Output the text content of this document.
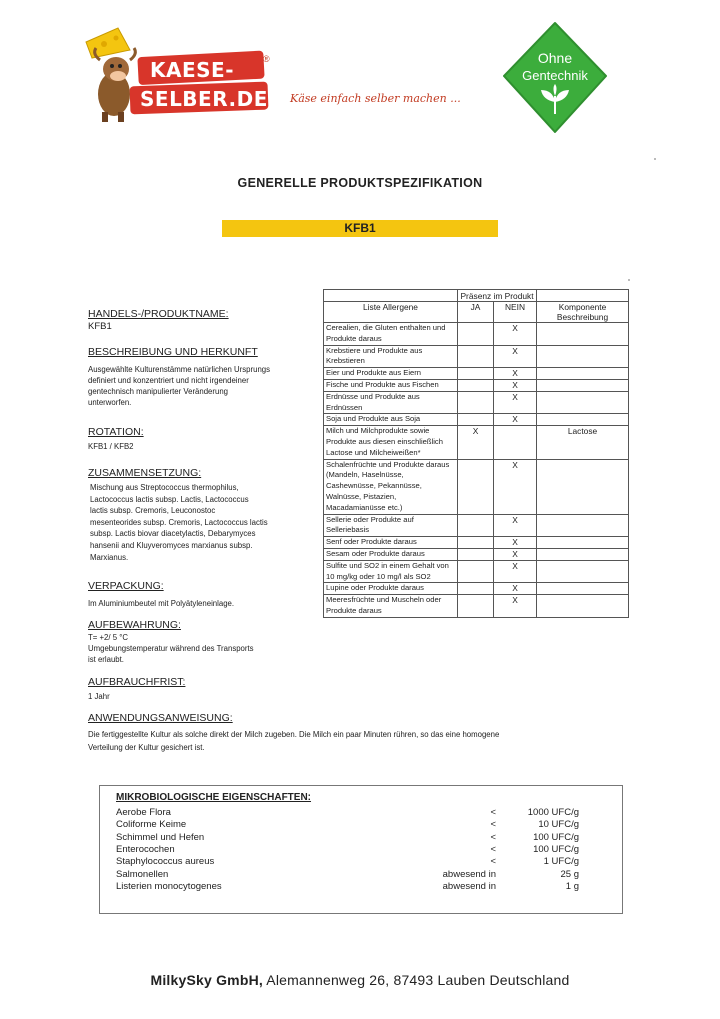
KAESE-
SELBER.DE
®
Käse einfach selber machen ...
Ohne
Gentechnik
GENERELLE PRODUKTSPEZIFIKATION
KFB1
HANDELS-/PRODUKTNAME:
KFB1
BESCHREIBUNG UND HERKUNFT
Ausgewählte Kulturenstämme natürlichen Ursprungs
definiert und konzentriert und nicht irgendeiner
gentechnisch manipulierter Veränderung
unterworfen.
ROTATION:
KFB1 / KFB2
ZUSAMMENSETZUNG:
Mischung aus Streptococcus thermophilus,
Lactococcus lactis subsp. Lactis, Lactococcus
lactis subsp. Cremoris, Leuconostoc
mesenteorides subsp. Cremoris, Lactococcus lactis
subsp. Lactis biovar diacetylactis, Debarymyces
hansenii and Kluyveromyces marxianus subsp.
Marxianus.
VERPACKUNG:
Im Aluminiumbeutel mit Polyätyleneinlage.
AUFBEWAHRUNG:
T= +2/ 5 °C
Umgebungstemperatur während des Transports
ist erlaubt.
AUFBRAUCHFRIST:
1 Jahr
ANWENDUNGSANWEISUNG:
Die fertiggestellte Kultur als solche direkt der Milch zugeben. Die Milch ein paar Minuten rühren, so das eine homogene
Verteilung der Kultur gesichert ist.
	Präsenz im Produkt		
Liste Allergene	JA	NEIN	Komponente Beschreibung
Cerealien, die Gluten enthalten und Produkte daraus		X	
Krebstiere und Produkte aus Krebstieren		X	
Eier und Produkte aus Eiern		X	
Fische und Produkte aus Fischen		X	
Erdnüsse und Produkte aus Erdnüssen		X	
Soja und Produkte aus Soja		X	
Milch und Milchprodukte sowie Produkte aus diesen einschließlich Lactose und Milcheiweißen*	X		Lactose
Schalenfrüchte und Produkte daraus (Mandeln, Haselnüsse, Cashewnüsse, Pekannüsse, Walnüsse, Pistazien, Macadamianüsse etc.)		X	
Sellerie oder Produkte auf Selleriebasis		X	
Senf oder Produkte daraus		X	
Sesam oder Produkte daraus		X	
Sulfite und SO2 in einem Gehalt von 10 mg/kg oder 10 mg/l als SO2		X	
Lupine oder Produkte daraus		X	
Meeresfrüchte und Muscheln oder Produkte daraus		X	
MIKROBIOLOGISCHE EIGENSCHAFTEN:
Aerobe Flora	<	1000 UFC/g
Coliforme Keime	<	10 UFC/g
Schimmel und Hefen	<	100 UFC/g
Enterocochen	<	100 UFC/g
Staphylococcus aureus	<	1 UFC/g
Salmonellen	abwesend in	25 g
Listerien monocytogenes	abwesend in	1 g
MilkySky GmbH, Alemannenweg 26, 87493 Lauben Deutschland
